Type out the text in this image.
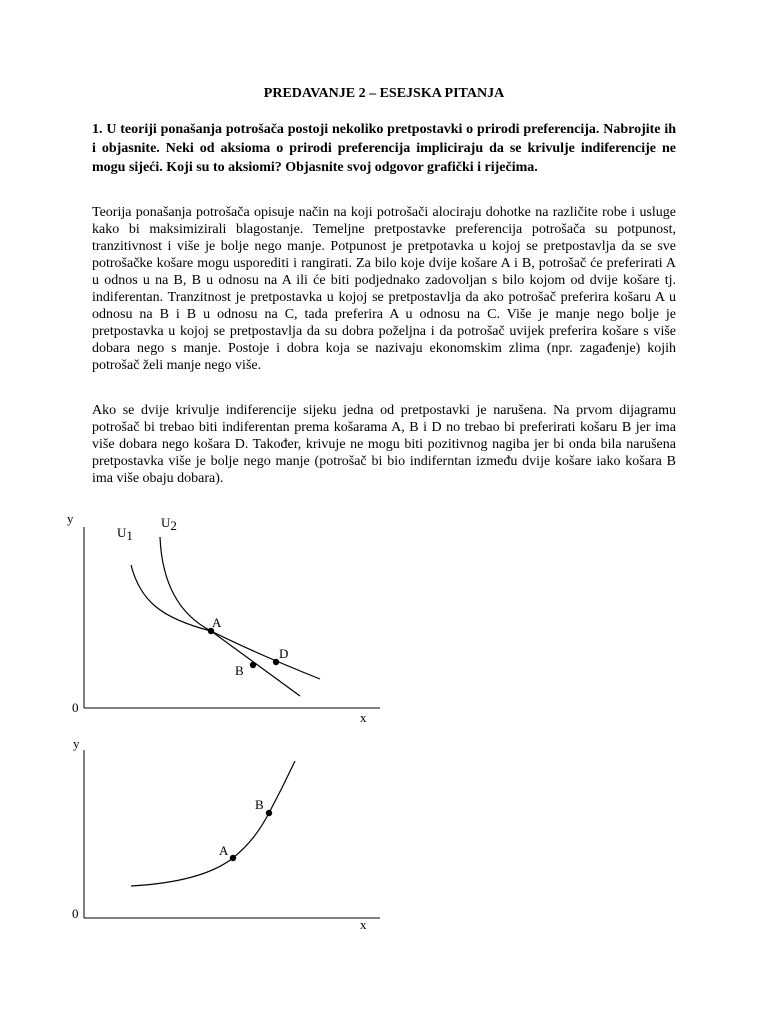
PREDAVANJE 2 – ESEJSKA PITANJA
1. U teoriji ponašanja potrošača postoji nekoliko pretpostavki o prirodi preferencija. Nabrojite ih i objasnite. Neki od aksioma o prirodi preferencija impliciraju da se krivulje indiferencije ne mogu sijeći. Koji su to aksiomi? Objasnite svoj odgovor grafički i riječima.
Teorija ponašanja potrošača opisuje način na koji potrošači alociraju dohotke na različite robe i usluge kako bi maksimizirali blagostanje. Temeljne pretpostavke preferencija potrošača su potpunost, tranzitivnost i više je bolje nego manje. Potpunost je pretpotavka u kojoj se pretpostavlja da se sve potrošačke košare mogu usporediti i rangirati. Za bilo koje dvije košare A i B, potrošač će preferirati A u odnos u na B, B u odnosu na A ili će biti podjednako zadovoljan s bilo kojom od dvije košare tj. indiferentan. Tranzitnost je pretpostavka u kojoj se pretpostavlja da ako potrošač preferira košaru A u odnosu na B i B u odnosu na C, tada preferira A u odnosu na C. Više je manje nego bolje je pretpostavka u kojoj se pretpostavlja da su dobra poželjna i da potrošač uvijek preferira košare s više dobara nego s manje. Postoje i dobra koja se nazivaju ekonomskim zlima (npr. zagađenje) kojih potrošač želi manje nego više.
Ako se dvije krivulje indiferencije sijeku jedna od pretpostavki je narušena. Na prvom dijagramu potrošač bi trebao biti indiferentan prema košarama A, B i D no trebao bi preferirati košaru B jer ima više dobara nego košara D. Također, krivuje ne mogu biti pozitivnog nagiba jer bi onda bila narušena pretpostavka više je bolje nego manje (potrošač bi bio indiferntan između dvije košare iako košara B ima više obaju dobara).
y
x
0
U1
U2
A
B
D
y
x
0
A
B
